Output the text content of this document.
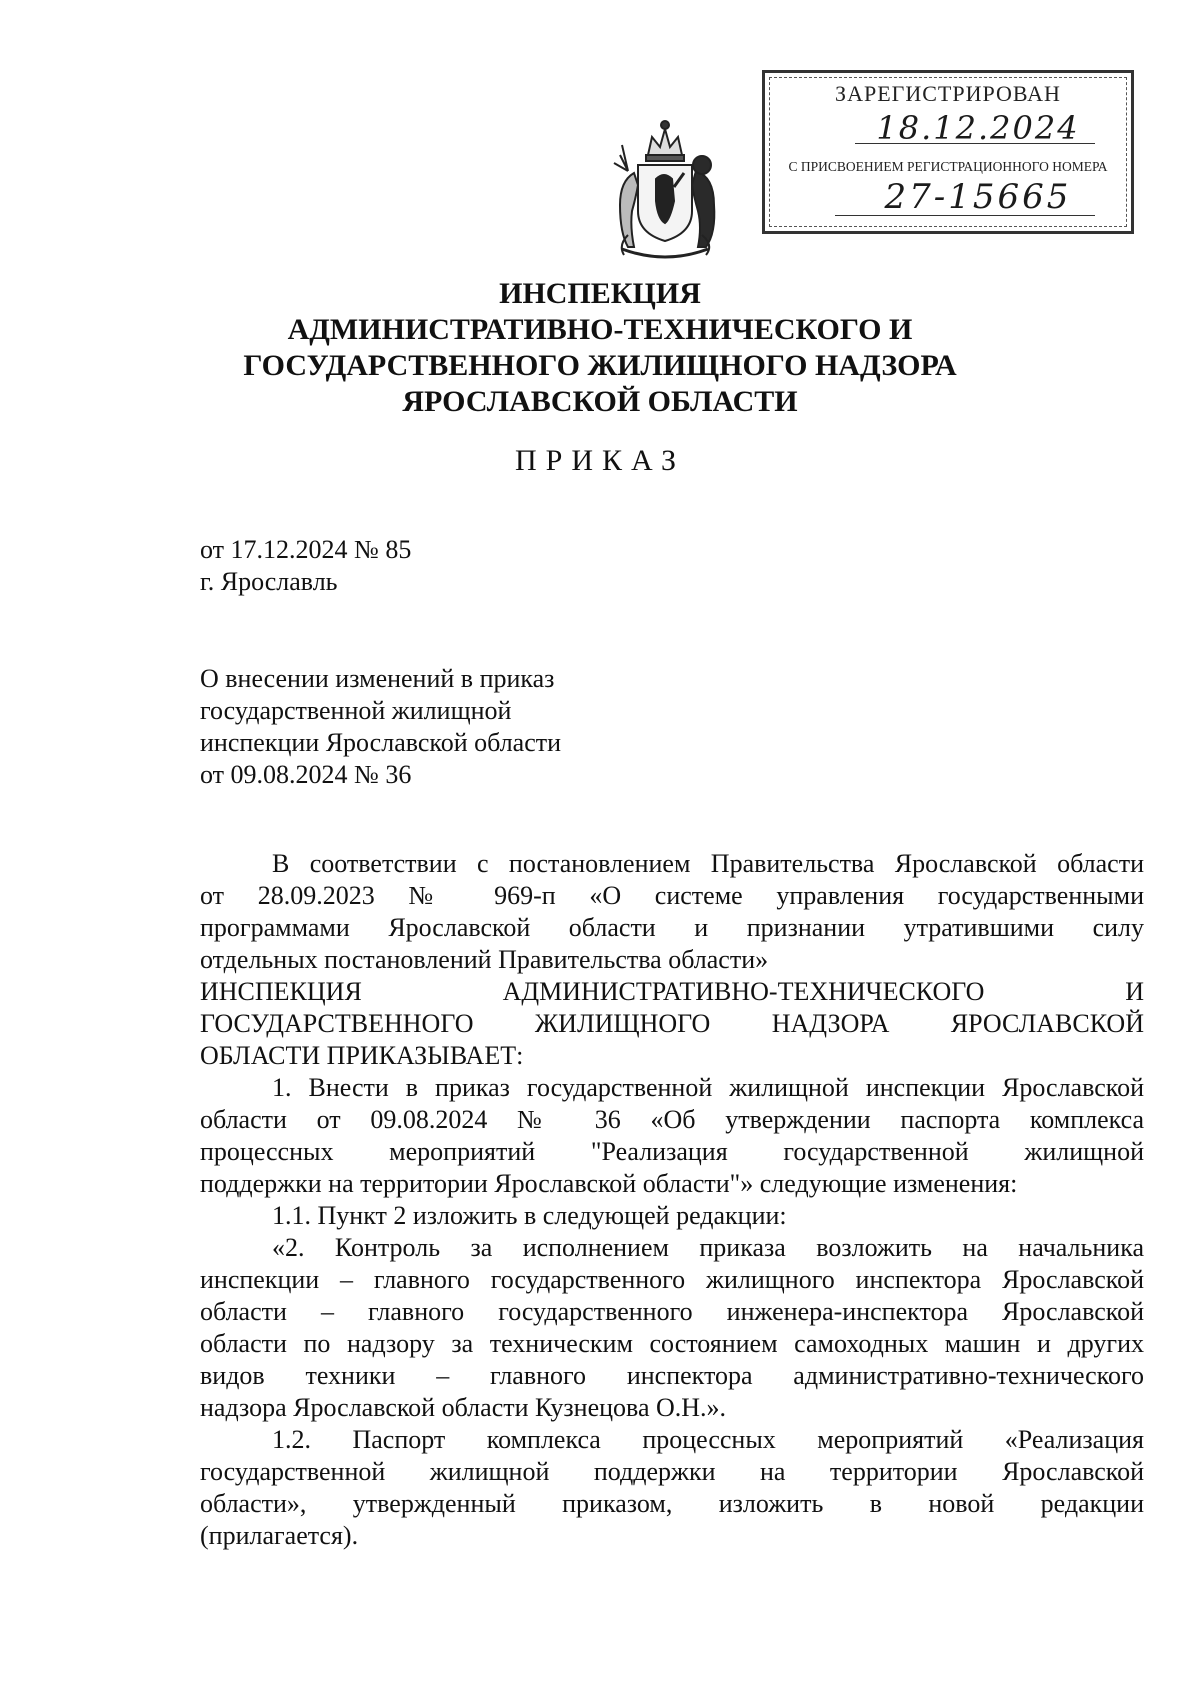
ЗАРЕГИСТРИРОВАН
18.12.2024
С ПРИСВОЕНИЕМ РЕГИСТРАЦИОННОГО НОМЕРА
27-15665
ИНСПЕКЦИЯ
АДМИНИСТРАТИВНО-ТЕХНИЧЕСКОГО И
ГОСУДАРСТВЕННОГО ЖИЛИЩНОГО НАДЗОРА
ЯРОСЛАВСКОЙ ОБЛАСТИ
ПРИКАЗ
от 17.12.2024 № 85
г. Ярославль
О внесении изменений в приказ
государственной жилищной
инспекции Ярославской области
от 09.08.2024 № 36
В соответствии с постановлением Правительства Ярославской области
от 28.09.2023 № 969-п «О системе управления государственными
программами Ярославской области и признании утратившими силу
отдельных постановлений Правительства области»
ИНСПЕКЦИЯ АДМИНИСТРАТИВНО-ТЕХНИЧЕСКОГО И
ГОСУДАРСТВЕННОГО ЖИЛИЩНОГО НАДЗОРА ЯРОСЛАВСКОЙ
ОБЛАСТИ ПРИКАЗЫВАЕТ:
1. Внести в приказ государственной жилищной инспекции Ярославской
области от 09.08.2024 № 36 «Об утверждении паспорта комплекса
процессных мероприятий "Реализация государственной жилищной
поддержки на территории Ярославской области"» следующие изменения:
1.1. Пункт 2 изложить в следующей редакции:
«2. Контроль за исполнением приказа возложить на начальника
инспекции – главного государственного жилищного инспектора Ярославской
области – главного государственного инженера-инспектора Ярославской
области по надзору за техническим состоянием самоходных машин и других
видов техники – главного инспектора административно-технического
надзора Ярославской области Кузнецова О.Н.».
1.2. Паспорт комплекса процессных мероприятий «Реализация
государственной жилищной поддержки на территории Ярославской
области», утвержденный приказом, изложить в новой редакции
(прилагается).
